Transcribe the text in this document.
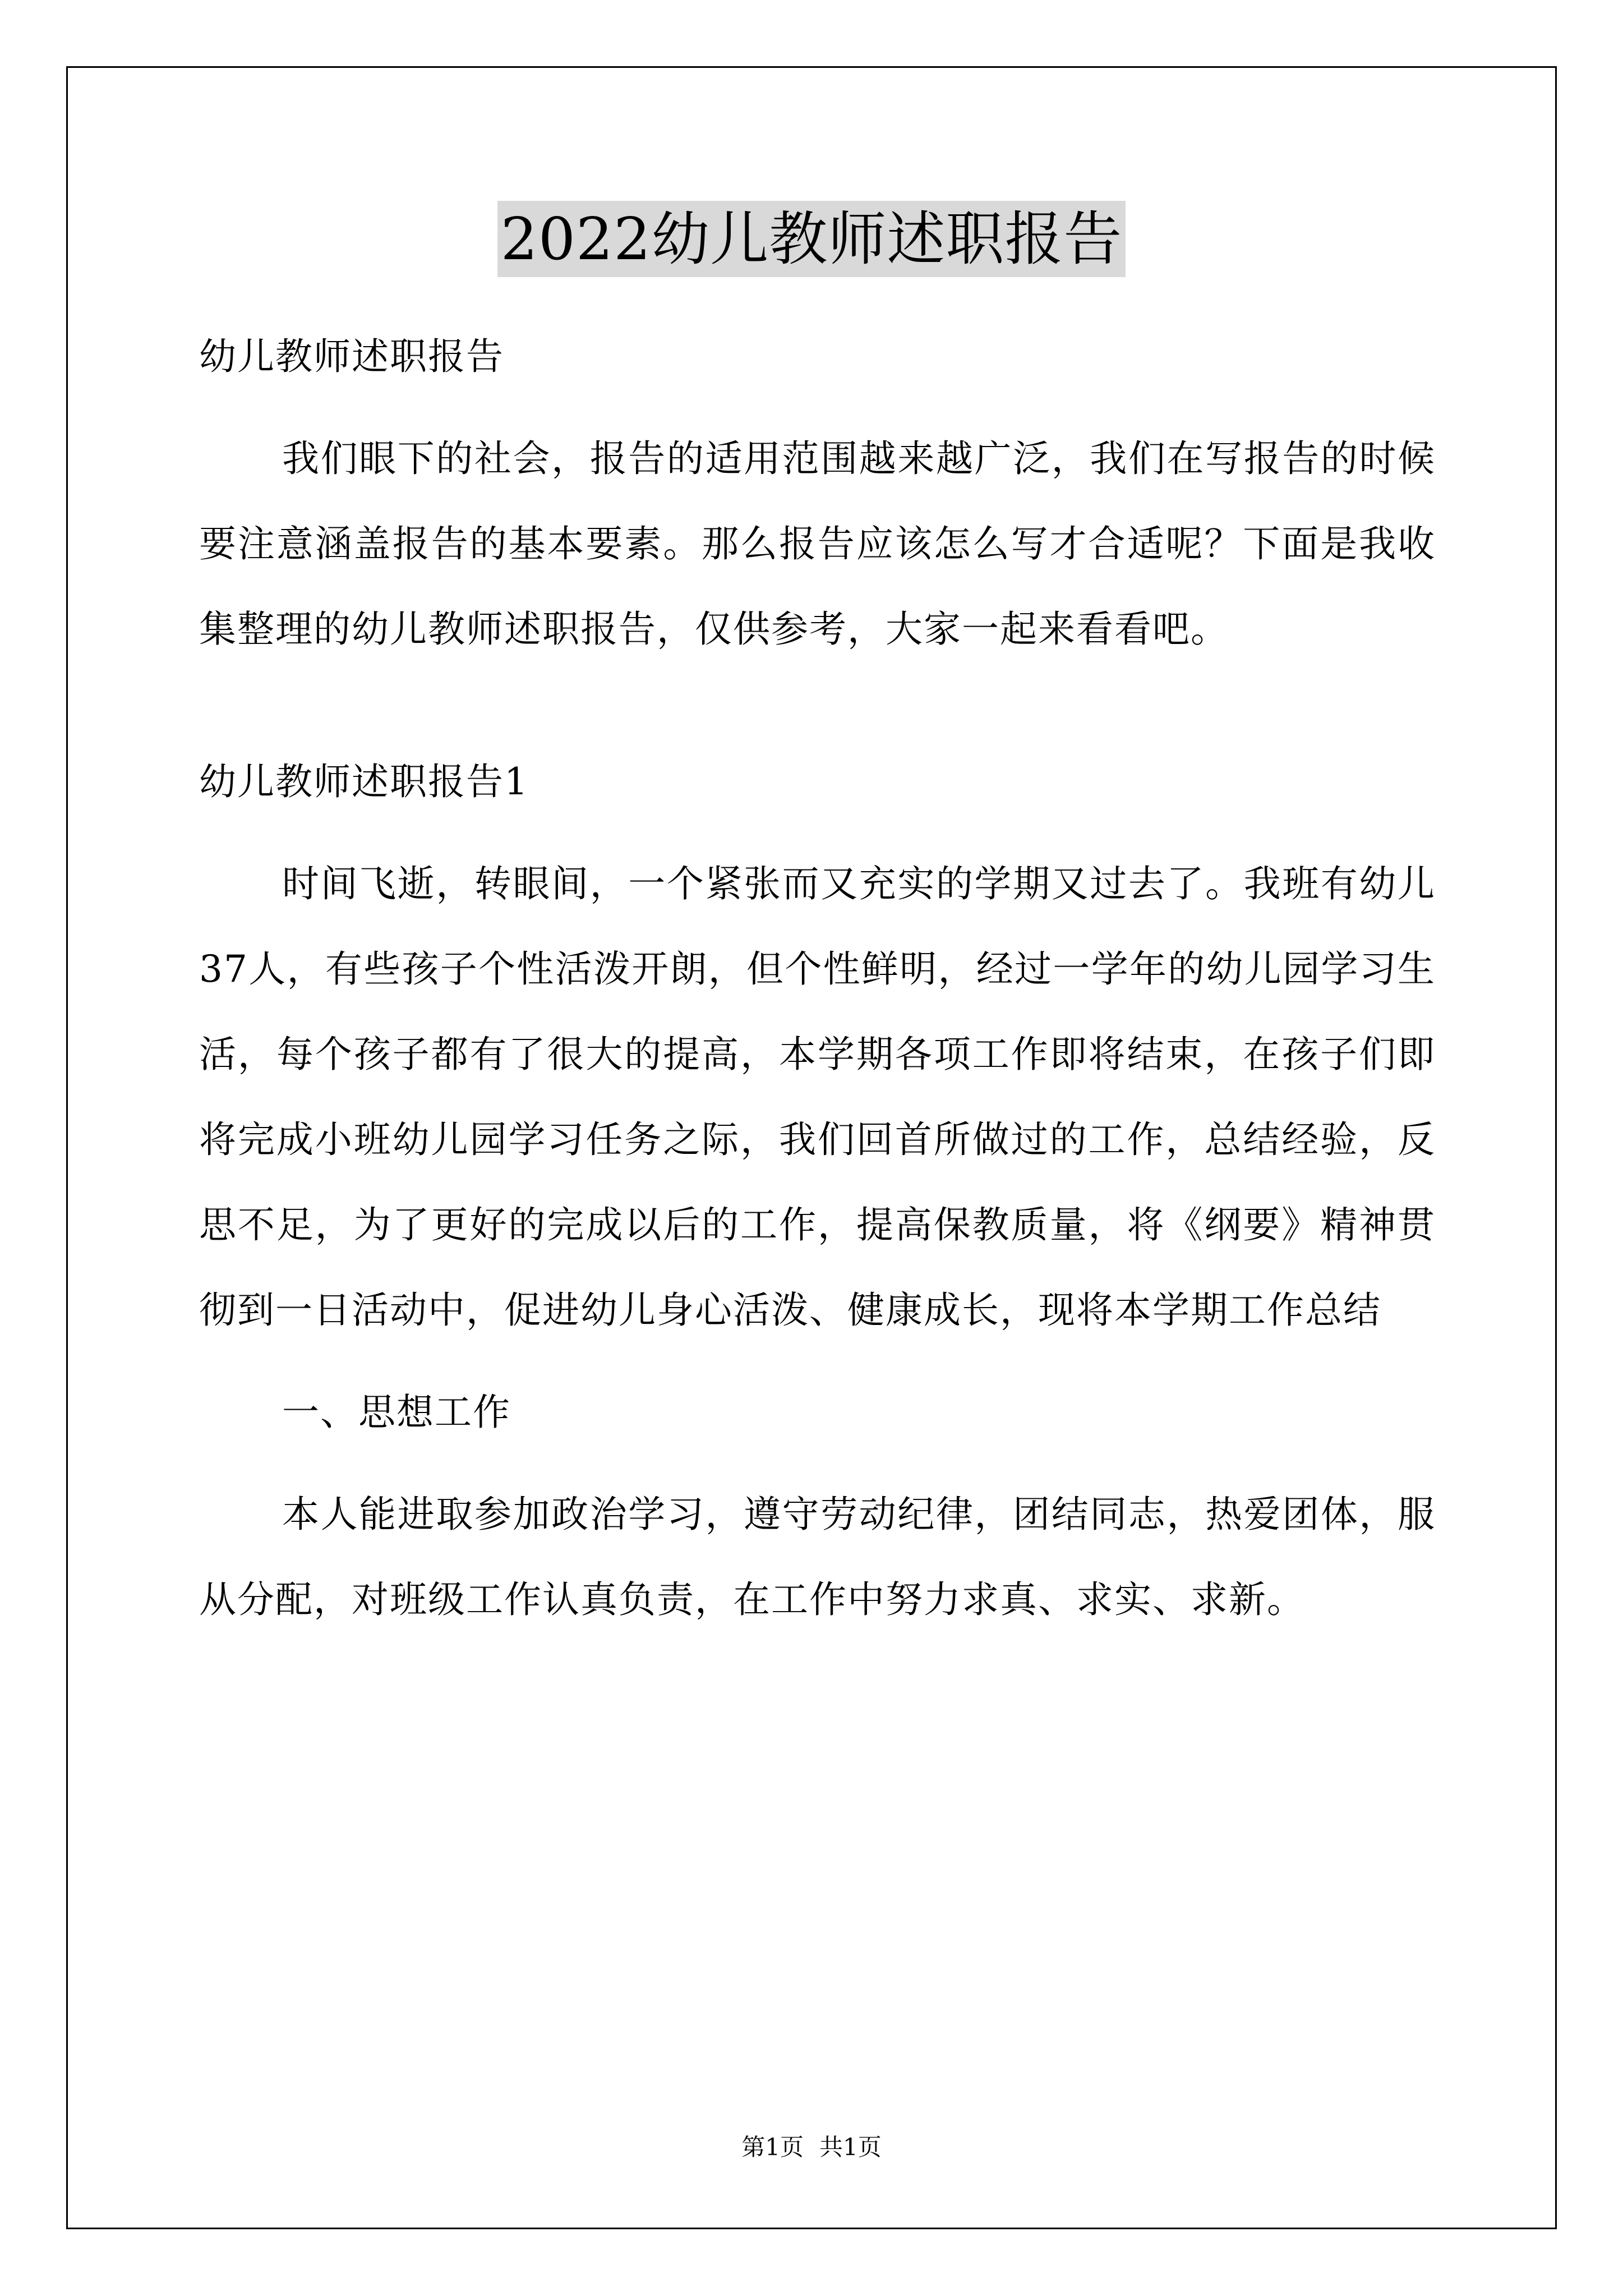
2022幼儿教师述职报告

幼儿教师述职报告

我们眼下的社会，报告的适用范围越来越广泛，我们在写报告的时候要注意涵盖报告的基本要素。那么报告应该怎么写才合适呢？下面是我收集整理的幼儿教师述职报告，仅供参考，大家一起来看看吧。

幼儿教师述职报告1

时间飞逝，转眼间，一个紧张而又充实的学期又过去了。我班有幼儿37人，有些孩子个性活泼开朗，但个性鲜明，经过一学年的幼儿园学习生活，每个孩子都有了很大的提高，本学期各项工作即将结束，在孩子们即将完成小班幼儿园学习任务之际，我们回首所做过的工作，总结经验，反思不足，为了更好的完成以后的工作，提高保教质量，将《纲要》精神贯彻到一日活动中，促进幼儿身心活泼、健康成长，现将本学期工作总结

一、思想工作

本人能进取参加政治学习，遵守劳动纪律，团结同志，热爱团体，服从分配，对班级工作认真负责，在工作中努力求真、求实、求新。

第1页 共1页
